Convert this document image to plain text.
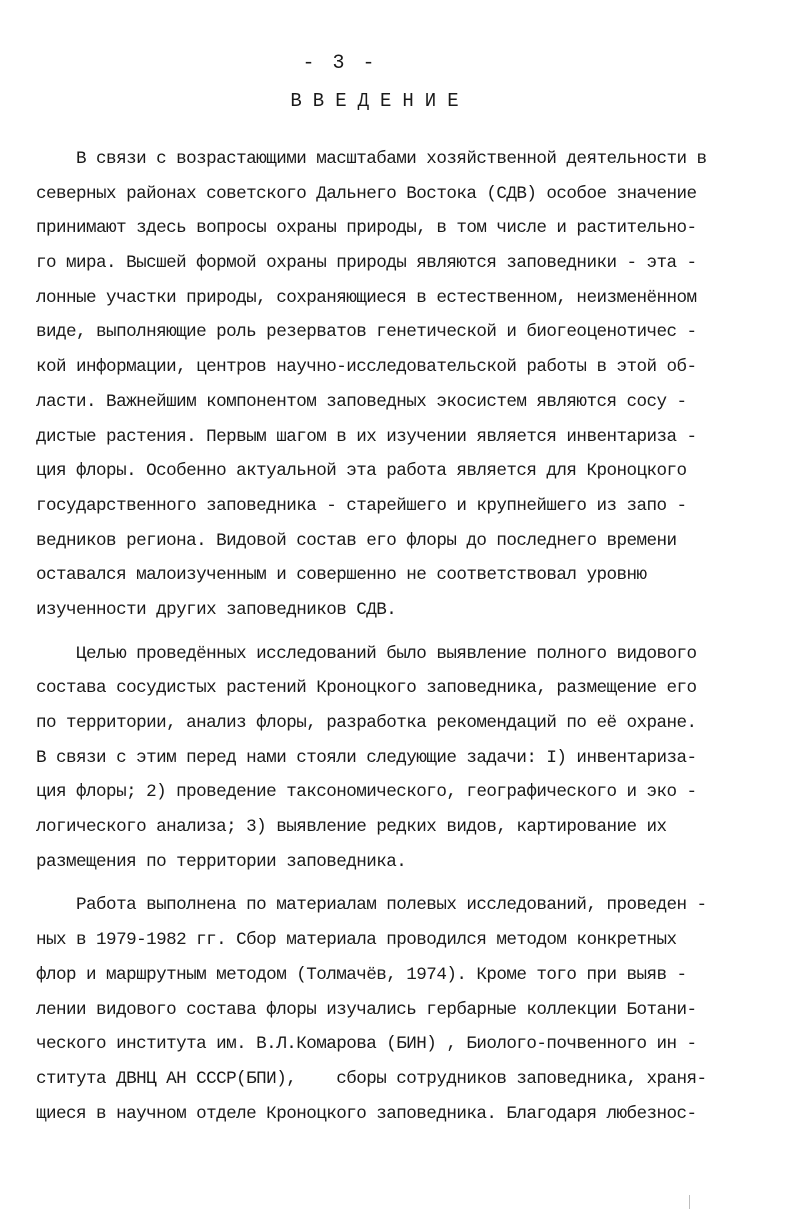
- 3 -

ВВЕДЕНИЕ
В связи с возрастающими масштабами хозяйственной деятельности в
северных районах советского Дальнего Востока (СДВ) особое значение
принимают здесь вопросы охраны природы, в том числе и растительно-
го мира. Высшей формой охраны природы являются заповедники - эта -
лонные участки природы, сохраняющиеся в естественном, неизменённом
виде, выполняющие роль резерватов генетической и биогеоценотичес -
кой информации, центров научно-исследовательской работы в этой об-
ласти. Важнейшим компонентом заповедных экосистем являются сосу -
дистые растения. Первым шагом в их изучении является инвентариза -
ция флоры. Особенно актуальной эта работа является для Кроноцкого
государственного заповедника - старейшего и крупнейшего из запо -
ведников региона. Видовой состав его флоры до последнего времени
оставался малоизученным и совершенно не соответствовал уровню
изученности других заповедников СДВ.
Целью проведённых исследований было выявление полного видового
состава сосудистых растений Кроноцкого заповедника, размещение его
по территории, анализ флоры, разработка рекомендаций по её охране.
В связи с этим перед нами стояли следующие задачи: I) инвентариза-
ция флоры; 2) проведение таксономического, географического и эко -
логического анализа; 3) выявление редких видов, картирование их
размещения по территории заповедника.
Работа выполнена по материалам полевых исследований, проведен -
ных в 1979-1982 гг. Сбор материала проводился методом конкретных
флор и маршрутным методом (Толмачёв, 1974). Кроме того при выяв -
лении видового состава флоры изучались гербарные коллекции Ботани-
ческого института им. В.Л.Комарова (БИН) , Биолого-почвенного ин -
ститута ДВНЦ АН СССР(БПИ),    сборы сотрудников заповедника, храня-
щиеся в научном отделе Кроноцкого заповедника. Благодаря любезнос-
